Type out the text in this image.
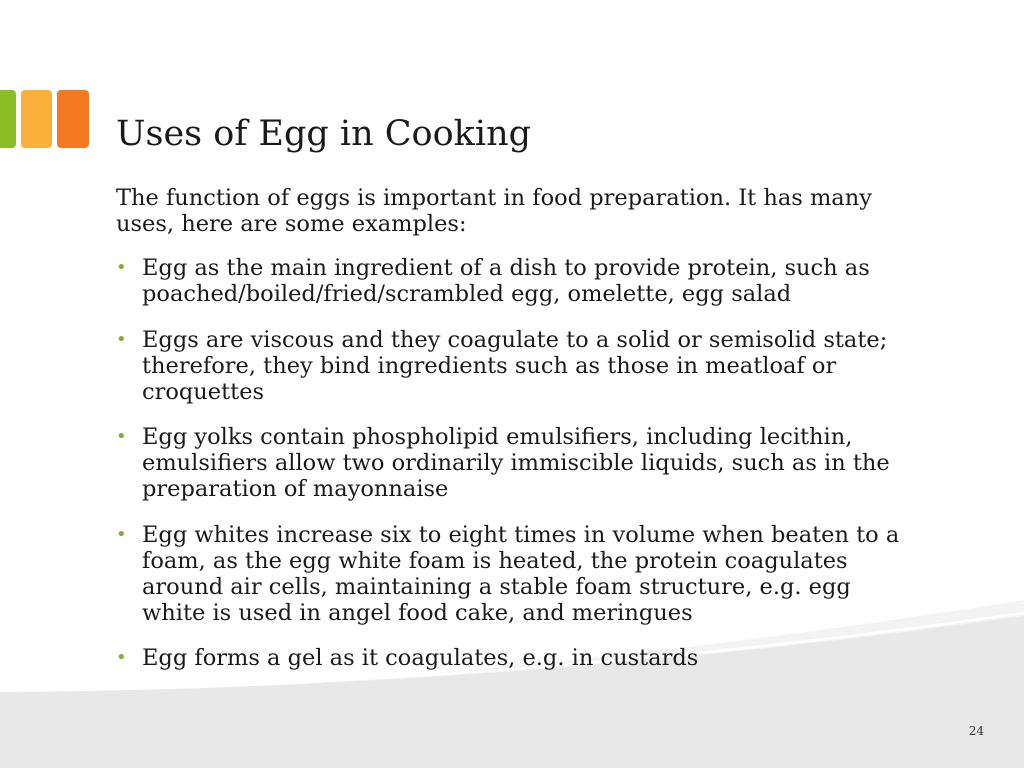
Uses of Egg in Cooking

The function of eggs is important in food preparation. It has many uses, here are some examples:

• Egg as the main ingredient of a dish to provide protein, such as poached/boiled/fried/scrambled egg, omelette, egg salad
• Eggs are viscous and they coagulate to a solid or semisolid state; therefore, they bind ingredients such as those in meatloaf or croquettes
• Egg yolks contain phospholipid emulsifiers, including lecithin, emulsifiers allow two ordinarily immiscible liquids, such as in the preparation of mayonnaise
• Egg whites increase six to eight times in volume when beaten to a foam, as the egg white foam is heated, the protein coagulates around air cells, maintaining a stable foam structure, e.g. egg white is used in angel food cake, and meringues
• Egg forms a gel as it coagulates, e.g. in custards
24
